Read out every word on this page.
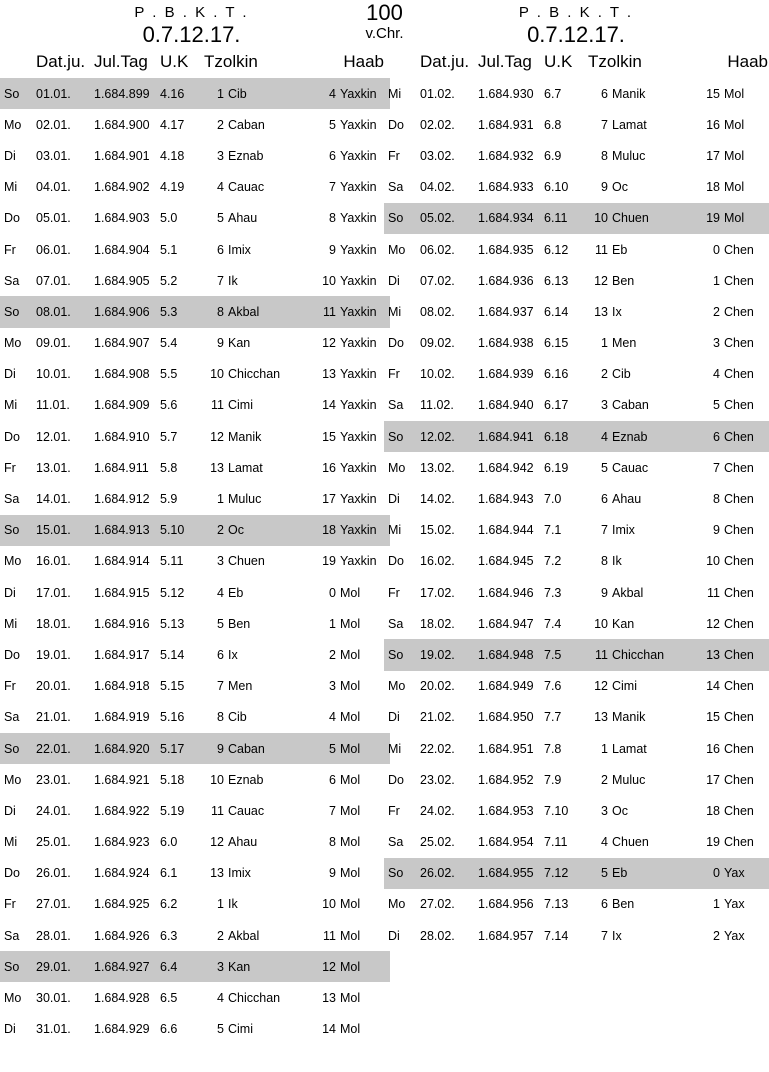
P . B . K . T .
0.7.12.17.
P . B . K . T .
0.7.12.17.
100
v.Chr.
	Dat.ju.	Jul.Tag	U.K	Tzolkin	Haab
So	01.01.	1.684.899	4.16	1 Cib	4 Yaxkin
Mo	02.01.	1.684.900	4.17	2 Caban	5 Yaxkin
Di	03.01.	1.684.901	4.18	3 Eznab	6 Yaxkin
Mi	04.01.	1.684.902	4.19	4 Cauac	7 Yaxkin
Do	05.01.	1.684.903	5.0	5 Ahau	8 Yaxkin
Fr	06.01.	1.684.904	5.1	6 Imix	9 Yaxkin
Sa	07.01.	1.684.905	5.2	7 Ik	10 Yaxkin
So	08.01.	1.684.906	5.3	8 Akbal	11 Yaxkin
Mo	09.01.	1.684.907	5.4	9 Kan	12 Yaxkin
Di	10.01.	1.684.908	5.5	10 Chicchan	13 Yaxkin
Mi	11.01.	1.684.909	5.6	11 Cimi	14 Yaxkin
Do	12.01.	1.684.910	5.7	12 Manik	15 Yaxkin
Fr	13.01.	1.684.911	5.8	13 Lamat	16 Yaxkin
Sa	14.01.	1.684.912	5.9	1 Muluc	17 Yaxkin
So	15.01.	1.684.913	5.10	2 Oc	18 Yaxkin
Mo	16.01.	1.684.914	5.11	3 Chuen	19 Yaxkin
Di	17.01.	1.684.915	5.12	4 Eb	0 Mol
Mi	18.01.	1.684.916	5.13	5 Ben	1 Mol
Do	19.01.	1.684.917	5.14	6 Ix	2 Mol
Fr	20.01.	1.684.918	5.15	7 Men	3 Mol
Sa	21.01.	1.684.919	5.16	8 Cib	4 Mol
So	22.01.	1.684.920	5.17	9 Caban	5 Mol
Mo	23.01.	1.684.921	5.18	10 Eznab	6 Mol
Di	24.01.	1.684.922	5.19	11 Cauac	7 Mol
Mi	25.01.	1.684.923	6.0	12 Ahau	8 Mol
Do	26.01.	1.684.924	6.1	13 Imix	9 Mol
Fr	27.01.	1.684.925	6.2	1 Ik	10 Mol
Sa	28.01.	1.684.926	6.3	2 Akbal	11 Mol
So	29.01.	1.684.927	6.4	3 Kan	12 Mol
Mo	30.01.	1.684.928	6.5	4 Chicchan	13 Mol
Di	31.01.	1.684.929	6.6	5 Cimi	14 Mol
	Dat.ju.	Jul.Tag	U.K	Tzolkin	Haab
Mi	01.02.	1.684.930	6.7	6 Manik	15 Mol
Do	02.02.	1.684.931	6.8	7 Lamat	16 Mol
Fr	03.02.	1.684.932	6.9	8 Muluc	17 Mol
Sa	04.02.	1.684.933	6.10	9 Oc	18 Mol
So	05.02.	1.684.934	6.11	10 Chuen	19 Mol
Mo	06.02.	1.684.935	6.12	11 Eb	0 Chen
Di	07.02.	1.684.936	6.13	12 Ben	1 Chen
Mi	08.02.	1.684.937	6.14	13 Ix	2 Chen
Do	09.02.	1.684.938	6.15	1 Men	3 Chen
Fr	10.02.	1.684.939	6.16	2 Cib	4 Chen
Sa	11.02.	1.684.940	6.17	3 Caban	5 Chen
So	12.02.	1.684.941	6.18	4 Eznab	6 Chen
Mo	13.02.	1.684.942	6.19	5 Cauac	7 Chen
Di	14.02.	1.684.943	7.0	6 Ahau	8 Chen
Mi	15.02.	1.684.944	7.1	7 Imix	9 Chen
Do	16.02.	1.684.945	7.2	8 Ik	10 Chen
Fr	17.02.	1.684.946	7.3	9 Akbal	11 Chen
Sa	18.02.	1.684.947	7.4	10 Kan	12 Chen
So	19.02.	1.684.948	7.5	11 Chicchan	13 Chen
Mo	20.02.	1.684.949	7.6	12 Cimi	14 Chen
Di	21.02.	1.684.950	7.7	13 Manik	15 Chen
Mi	22.02.	1.684.951	7.8	1 Lamat	16 Chen
Do	23.02.	1.684.952	7.9	2 Muluc	17 Chen
Fr	24.02.	1.684.953	7.10	3 Oc	18 Chen
Sa	25.02.	1.684.954	7.11	4 Chuen	19 Chen
So	26.02.	1.684.955	7.12	5 Eb	0 Yax
Mo	27.02.	1.684.956	7.13	6 Ben	1 Yax
Di	28.02.	1.684.957	7.14	7 Ix	2 Yax
